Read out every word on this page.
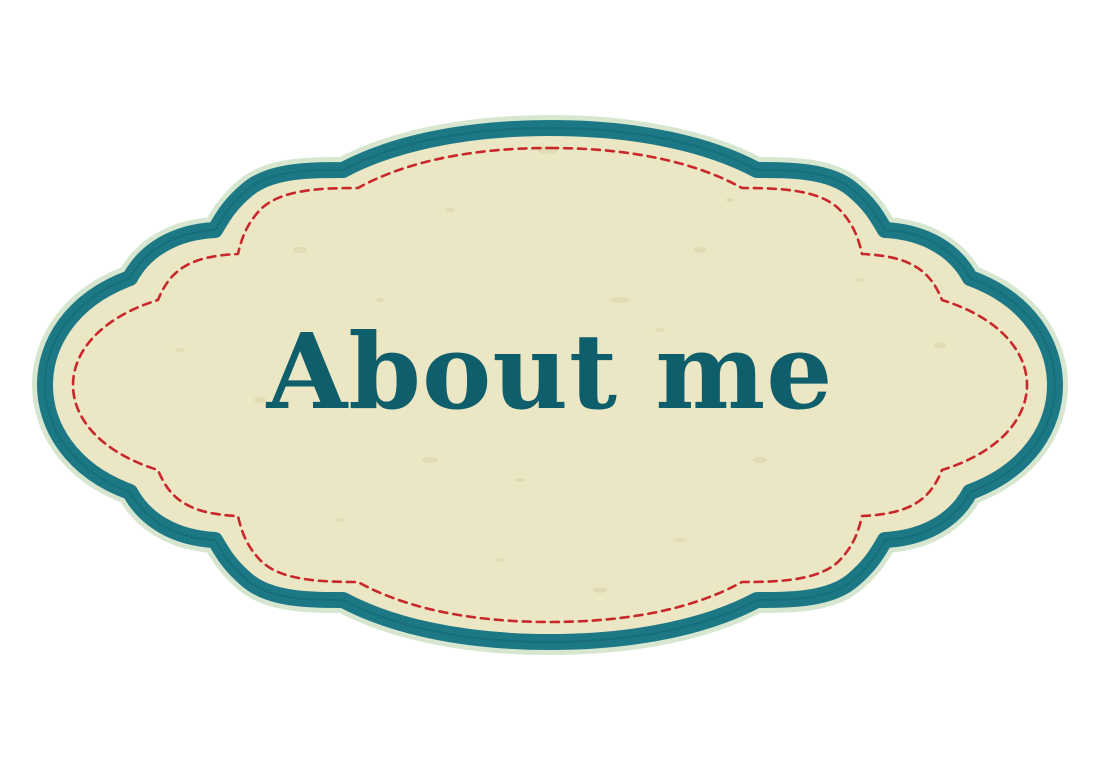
About me
